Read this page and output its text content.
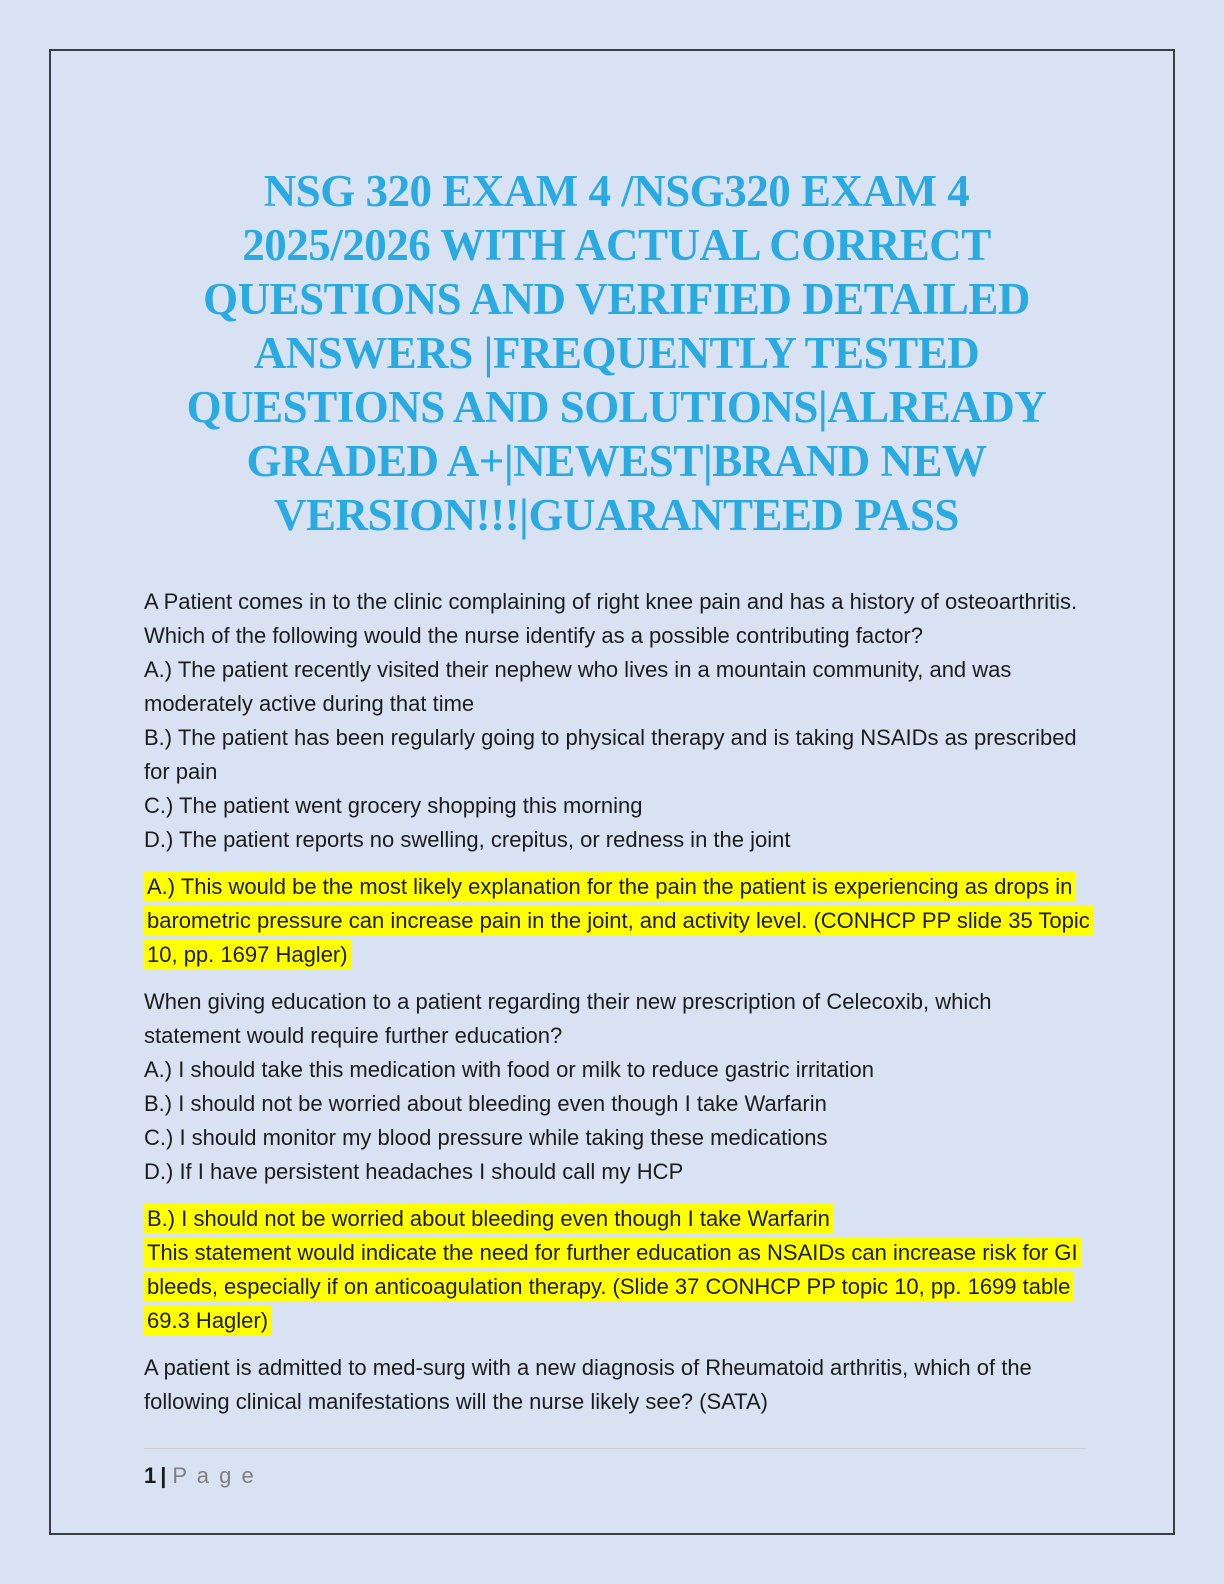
NSG 320 EXAM 4 /NSG320 EXAM 4
2025/2026 WITH ACTUAL CORRECT
QUESTIONS AND VERIFIED DETAILED
ANSWERS |FREQUENTLY TESTED
QUESTIONS AND SOLUTIONS|ALREADY
GRADED A+|NEWEST|BRAND NEW
VERSION!!!|GUARANTEED PASS
A Patient comes in to the clinic complaining of right knee pain and has a history of osteoarthritis. Which of the following would the nurse identify as a possible contributing factor?
A.) The patient recently visited their nephew who lives in a mountain community, and was moderately active during that time
B.) The patient has been regularly going to physical therapy and is taking NSAIDs as prescribed for pain
C.) The patient went grocery shopping this morning
D.) The patient reports no swelling, crepitus, or redness in the joint
A.) This would be the most likely explanation for the pain the patient is experiencing as drops in barometric pressure can increase pain in the joint, and activity level. (CONHCP PP slide 35 Topic 10, pp. 1697 Hagler)
When giving education to a patient regarding their new prescription of Celecoxib, which statement would require further education?
A.) I should take this medication with food or milk to reduce gastric irritation
B.) I should not be worried about bleeding even though I take Warfarin
C.) I should monitor my blood pressure while taking these medications
D.) If I have persistent headaches I should call my HCP
B.) I should not be worried about bleeding even though I take Warfarin
This statement would indicate the need for further education as NSAIDs can increase risk for GI bleeds, especially if on anticoagulation therapy. (Slide 37 CONHCP PP topic 10, pp. 1699 table 69.3 Hagler)
A patient is admitted to med-surg with a new diagnosis of Rheumatoid arthritis, which of the following clinical manifestations will the nurse likely see? (SATA)

1 | P a g e
